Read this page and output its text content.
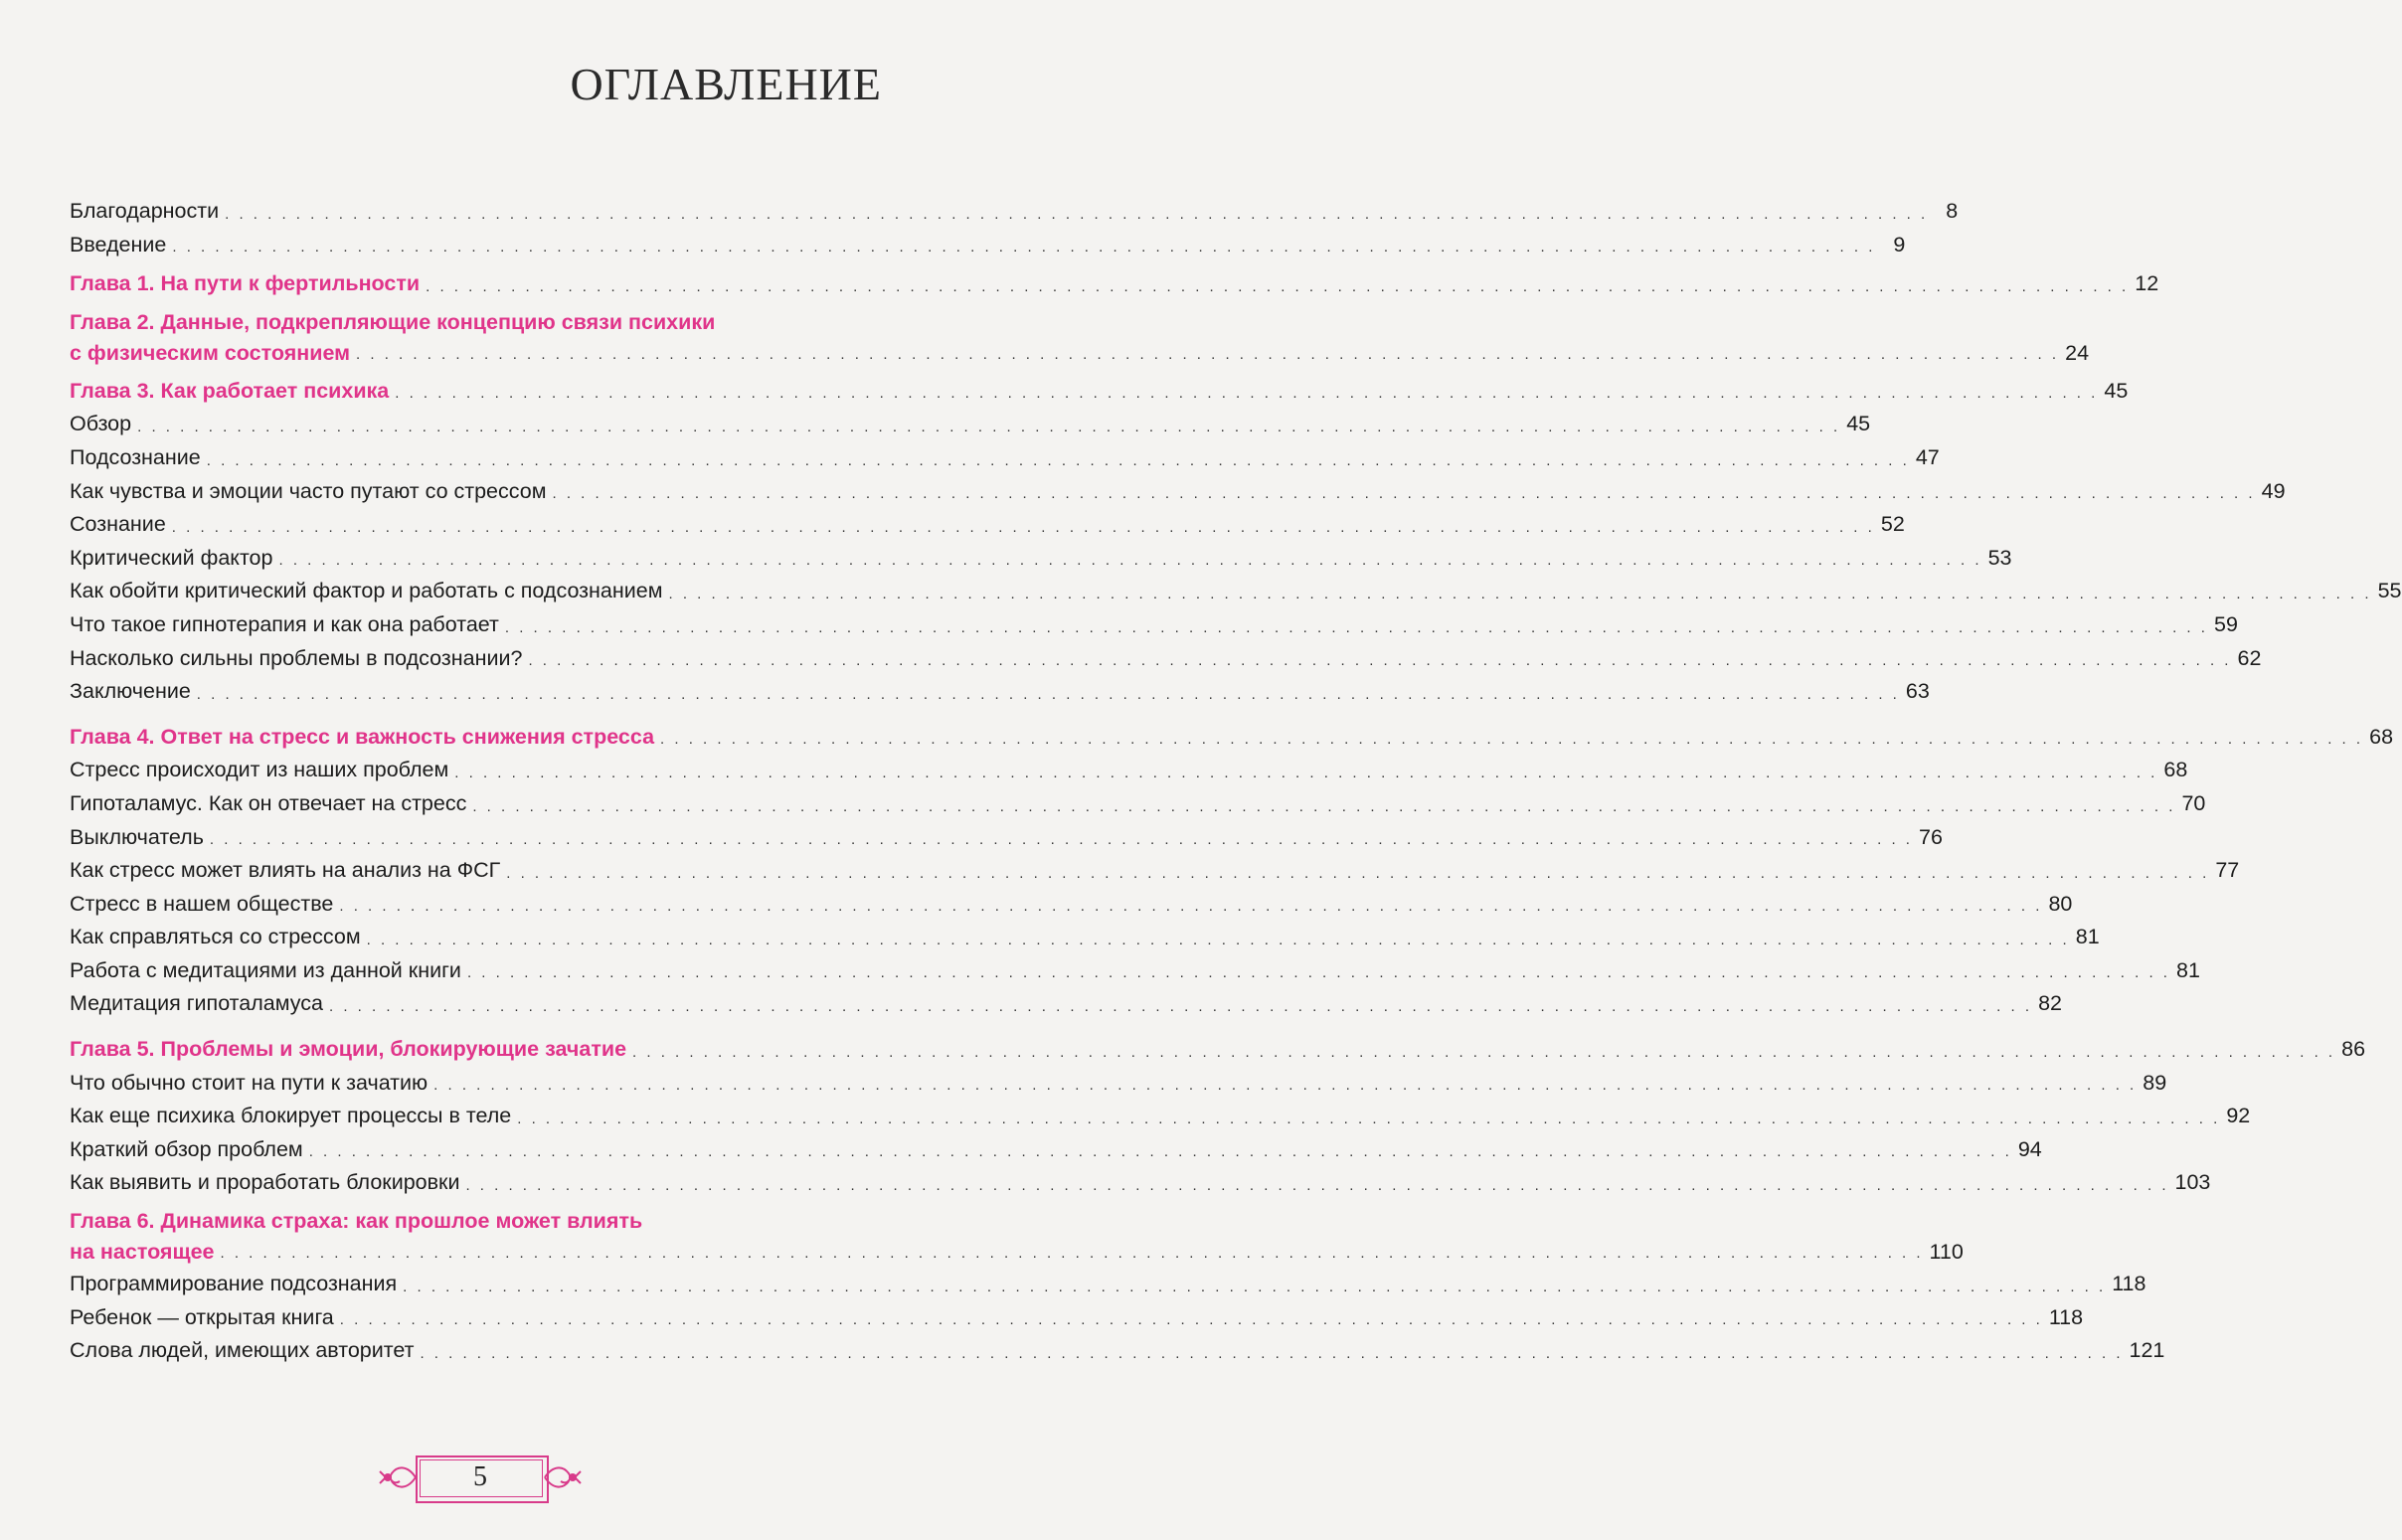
ОГЛАВЛЕНИЕ
Благодарности . . . . . . . . . . . . . . . . . . . . . . . . . . . . . . . . . . . . . . . . . . . . . . . . . . . . . . . . . . . . . . . . . . . . . . . . . . . . . . . . . . . . . . . . . . . . . . . . . . . . . . . . . . . . . . . . . . . . . . . . 8
Введение . . . . . . . . . . . . . . . . . . . . . . . . . . . . . . . . . . . . . . . . . . . . . . . . . . . . . . . . . . . . . . . . . . . . . . . . . . . . . . . . . . . . . . . . . . . . . . . . . . . . . . . . . . . . . . . . . . . . . . . . 9
Глава 1. На пути к фертильности . . . . . . . . . . . . . . . . . . . . . . . . . . . . . . . . . . . . . . . . . . . . . . . . . . . . . . . . . . . . . . . . . . . . . . . . . . . . . . . . . . . . . . . . . . . . . . . . . . . . . . . . . . . . . . . . . . . . . . . . 12
Глава 2. Данные, подкрепляющие концепцию связи психики
с физическим состоянием . . . . . . . . . . . . . . . . . . . . . . . . . . . . . . . . . . . . . . . . . . . . . . . . . . . . . . . . . . . . . . . . . . . . . . . . . . . . . . . . . . . . . . . . . . . . . . . . . . . . . . . . . . . . . . . . . . . . . . . . 24
Глава 3. Как работает психика . . . . . . . . . . . . . . . . . . . . . . . . . . . . . . . . . . . . . . . . . . . . . . . . . . . . . . . . . . . . . . . . . . . . . . . . . . . . . . . . . . . . . . . . . . . . . . . . . . . . . . . . . . . . . . . . . . . . . . . . 45
Обзор . . . . . . . . . . . . . . . . . . . . . . . . . . . . . . . . . . . . . . . . . . . . . . . . . . . . . . . . . . . . . . . . . . . . . . . . . . . . . . . . . . . . . . . . . . . . . . . . . . . . . . . . . . . . . . . . . . . . . . . . 45
Подсознание . . . . . . . . . . . . . . . . . . . . . . . . . . . . . . . . . . . . . . . . . . . . . . . . . . . . . . . . . . . . . . . . . . . . . . . . . . . . . . . . . . . . . . . . . . . . . . . . . . . . . . . . . . . . . . . . . . . . . . . . 47
Как чувства и эмоции часто путают со стрессом . . . . . . . . . . . . . . . . . . . . . . . . . . . . . . . . . . . . . . . . . . . . . . . . . . . . . . . . . . . . . . . . . . . . . . . . . . . . . . . . . . . . . . . . . . . . . . . . . . . . . . . . . . . . . . . . . . . . . . . . 49
Сознание . . . . . . . . . . . . . . . . . . . . . . . . . . . . . . . . . . . . . . . . . . . . . . . . . . . . . . . . . . . . . . . . . . . . . . . . . . . . . . . . . . . . . . . . . . . . . . . . . . . . . . . . . . . . . . . . . . . . . . . . 52
Критический фактор . . . . . . . . . . . . . . . . . . . . . . . . . . . . . . . . . . . . . . . . . . . . . . . . . . . . . . . . . . . . . . . . . . . . . . . . . . . . . . . . . . . . . . . . . . . . . . . . . . . . . . . . . . . . . . . . . . . . . . . . 53
Как обойти критический фактор и работать с подсознанием . . . . . . . . . . . . . . . . . . . . . . . . . . . . . . . . . . . . . . . . . . . . . . . . . . . . . . . . . . . . . . . . . . . . . . . . . . . . . . . . . . . . . . . . . . . . . . . . . . . . . . . . . . . . . . . . . . . . . . . . 55
Что такое гипнотерапия и как она работает . . . . . . . . . . . . . . . . . . . . . . . . . . . . . . . . . . . . . . . . . . . . . . . . . . . . . . . . . . . . . . . . . . . . . . . . . . . . . . . . . . . . . . . . . . . . . . . . . . . . . . . . . . . . . . . . . . . . . . . . 59
Насколько сильны проблемы в подсознании? . . . . . . . . . . . . . . . . . . . . . . . . . . . . . . . . . . . . . . . . . . . . . . . . . . . . . . . . . . . . . . . . . . . . . . . . . . . . . . . . . . . . . . . . . . . . . . . . . . . . . . . . . . . . . . . . . . . . . . . . 62
Заключение . . . . . . . . . . . . . . . . . . . . . . . . . . . . . . . . . . . . . . . . . . . . . . . . . . . . . . . . . . . . . . . . . . . . . . . . . . . . . . . . . . . . . . . . . . . . . . . . . . . . . . . . . . . . . . . . . . . . . . . . 63
Глава 4. Ответ на стресс и важность снижения стресса . . . . . . . . . . . . . . . . . . . . . . . . . . . . . . . . . . . . . . . . . . . . . . . . . . . . . . . . . . . . . . . . . . . . . . . . . . . . . . . . . . . . . . . . . . . . . . . . . . . . . . . . . . . . . . . . . . . . . . . . 68
Стресс происходит из наших проблем . . . . . . . . . . . . . . . . . . . . . . . . . . . . . . . . . . . . . . . . . . . . . . . . . . . . . . . . . . . . . . . . . . . . . . . . . . . . . . . . . . . . . . . . . . . . . . . . . . . . . . . . . . . . . . . . . . . . . . . . 68
Гипоталамус. Как он отвечает на стресс . . . . . . . . . . . . . . . . . . . . . . . . . . . . . . . . . . . . . . . . . . . . . . . . . . . . . . . . . . . . . . . . . . . . . . . . . . . . . . . . . . . . . . . . . . . . . . . . . . . . . . . . . . . . . . . . . . . . . . . . 70
Выключатель . . . . . . . . . . . . . . . . . . . . . . . . . . . . . . . . . . . . . . . . . . . . . . . . . . . . . . . . . . . . . . . . . . . . . . . . . . . . . . . . . . . . . . . . . . . . . . . . . . . . . . . . . . . . . . . . . . . . . . . . 76
Как стресс может влиять на анализ на ФСГ . . . . . . . . . . . . . . . . . . . . . . . . . . . . . . . . . . . . . . . . . . . . . . . . . . . . . . . . . . . . . . . . . . . . . . . . . . . . . . . . . . . . . . . . . . . . . . . . . . . . . . . . . . . . . . . . . . . . . . . . 77
Стресс в нашем обществе . . . . . . . . . . . . . . . . . . . . . . . . . . . . . . . . . . . . . . . . . . . . . . . . . . . . . . . . . . . . . . . . . . . . . . . . . . . . . . . . . . . . . . . . . . . . . . . . . . . . . . . . . . . . . . . . . . . . . . . . 80
Как справляться со стрессом . . . . . . . . . . . . . . . . . . . . . . . . . . . . . . . . . . . . . . . . . . . . . . . . . . . . . . . . . . . . . . . . . . . . . . . . . . . . . . . . . . . . . . . . . . . . . . . . . . . . . . . . . . . . . . . . . . . . . . . . 81
Работа с медитациями из данной книги . . . . . . . . . . . . . . . . . . . . . . . . . . . . . . . . . . . . . . . . . . . . . . . . . . . . . . . . . . . . . . . . . . . . . . . . . . . . . . . . . . . . . . . . . . . . . . . . . . . . . . . . . . . . . . . . . . . . . . . . 81
Медитация гипоталамуса . . . . . . . . . . . . . . . . . . . . . . . . . . . . . . . . . . . . . . . . . . . . . . . . . . . . . . . . . . . . . . . . . . . . . . . . . . . . . . . . . . . . . . . . . . . . . . . . . . . . . . . . . . . . . . . . . . . . . . . . 82
Глава 5. Проблемы и эмоции, блокирующие зачатие . . . . . . . . . . . . . . . . . . . . . . . . . . . . . . . . . . . . . . . . . . . . . . . . . . . . . . . . . . . . . . . . . . . . . . . . . . . . . . . . . . . . . . . . . . . . . . . . . . . . . . . . . . . . . . . . . . . . . . . . 86
Что обычно стоит на пути к зачатию . . . . . . . . . . . . . . . . . . . . . . . . . . . . . . . . . . . . . . . . . . . . . . . . . . . . . . . . . . . . . . . . . . . . . . . . . . . . . . . . . . . . . . . . . . . . . . . . . . . . . . . . . . . . . . . . . . . . . . . . 89
Как еще психика блокирует процессы в теле . . . . . . . . . . . . . . . . . . . . . . . . . . . . . . . . . . . . . . . . . . . . . . . . . . . . . . . . . . . . . . . . . . . . . . . . . . . . . . . . . . . . . . . . . . . . . . . . . . . . . . . . . . . . . . . . . . . . . . . . 92
Краткий обзор проблем . . . . . . . . . . . . . . . . . . . . . . . . . . . . . . . . . . . . . . . . . . . . . . . . . . . . . . . . . . . . . . . . . . . . . . . . . . . . . . . . . . . . . . . . . . . . . . . . . . . . . . . . . . . . . . . . . . . . . . . . 94
Как выявить и проработать блокировки . . . . . . . . . . . . . . . . . . . . . . . . . . . . . . . . . . . . . . . . . . . . . . . . . . . . . . . . . . . . . . . . . . . . . . . . . . . . . . . . . . . . . . . . . . . . . . . . . . . . . . . . . . . . . . . . . . . . . . . . 103
Глава 6. Динамика страха: как прошлое может влиять
на настоящее . . . . . . . . . . . . . . . . . . . . . . . . . . . . . . . . . . . . . . . . . . . . . . . . . . . . . . . . . . . . . . . . . . . . . . . . . . . . . . . . . . . . . . . . . . . . . . . . . . . . . . . . . . . . . . . . . . . . . . . . 110
Программирование подсознания . . . . . . . . . . . . . . . . . . . . . . . . . . . . . . . . . . . . . . . . . . . . . . . . . . . . . . . . . . . . . . . . . . . . . . . . . . . . . . . . . . . . . . . . . . . . . . . . . . . . . . . . . . . . . . . . . . . . . . . . 118
Ребенок — открытая книга . . . . . . . . . . . . . . . . . . . . . . . . . . . . . . . . . . . . . . . . . . . . . . . . . . . . . . . . . . . . . . . . . . . . . . . . . . . . . . . . . . . . . . . . . . . . . . . . . . . . . . . . . . . . . . . . . . . . . . . . 118
Слова людей, имеющих авторитет . . . . . . . . . . . . . . . . . . . . . . . . . . . . . . . . . . . . . . . . . . . . . . . . . . . . . . . . . . . . . . . . . . . . . . . . . . . . . . . . . . . . . . . . . . . . . . . . . . . . . . . . . . . . . . . . . . . . . . . . 121
5
